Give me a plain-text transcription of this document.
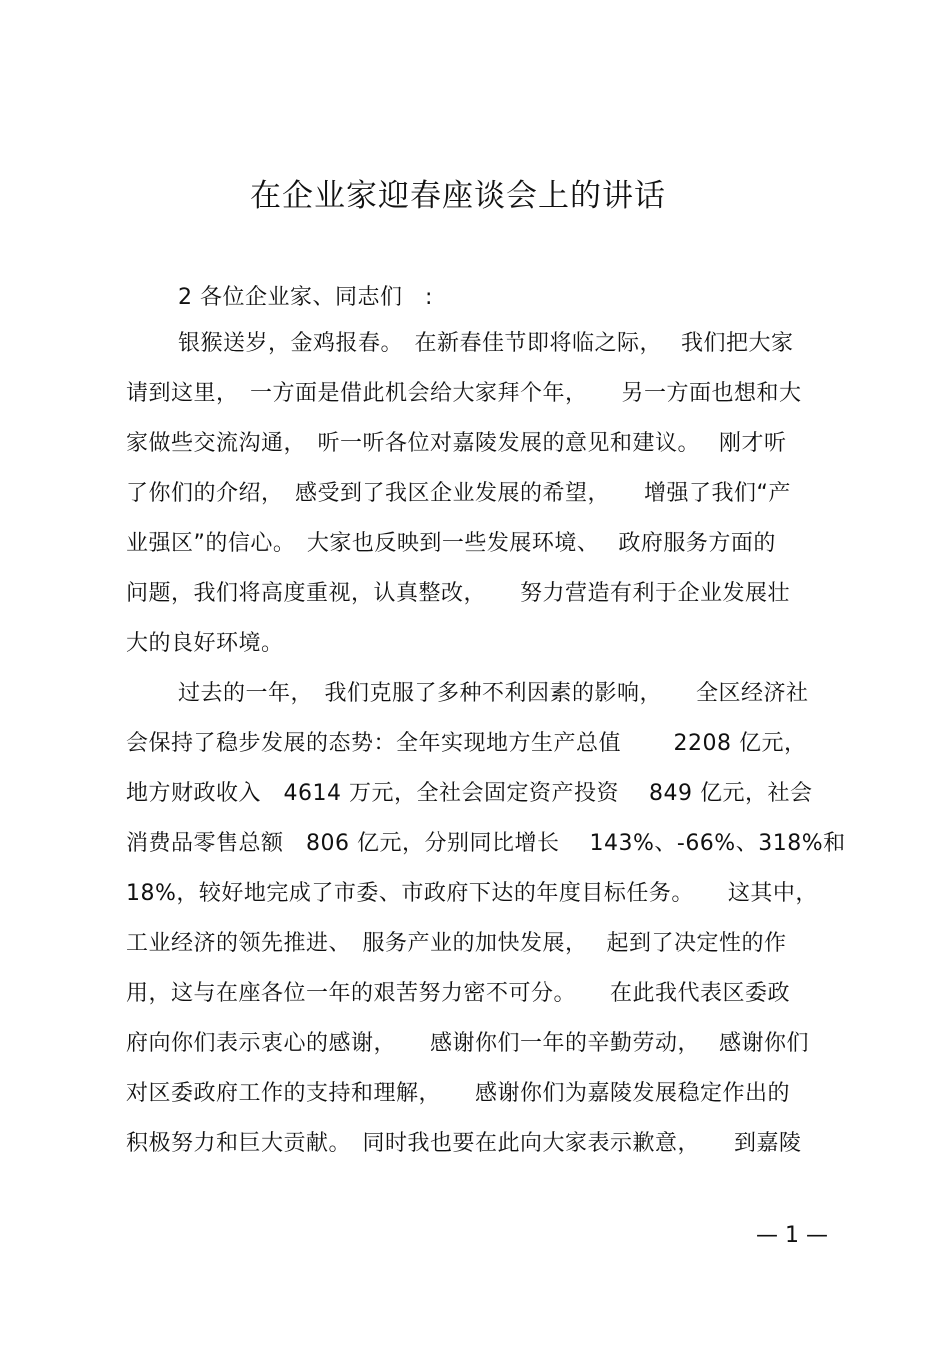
在企业家迎春座谈会上的讲话
2 各位企业家、同志们　:
银猴送岁，金鸡报春。　在新春佳节即将临之际，　 我们把大家
请到这里，　一方面是借此机会给大家拜个年，　　另一方面也想和大
家做些交流沟通，　听一听各位对嘉陵发展的意见和建议。　 刚才听
了你们的介绍，　感受到了我区企业发展的希望，　　增强了我们“产
业强区”的信心。　大家也反映到一些发展环境、　 政府服务方面的
问题，我们将高度重视，认真整改，　　努力营造有利于企业发展壮
大的良好环境。
过去的一年，　我们克服了多种不利因素的影响，　　全区经济社
会保持了稳步发展的态势：全年实现地方生产总值　　 2208 亿元，
地方财政收入　4614 万元，全社会固定资产投资　 849 亿元，社会
消费品零售总额　806 亿元，分别同比增长　 143%、-66%、318%和
18%，较好地完成了市委、市政府下达的年度目标任务。　　这其中，
工业经济的领先推进、　服务产业的加快发展，　 起到了决定性的作
用，这与在座各位一年的艰苦努力密不可分。　　在此我代表区委政
府向你们表示衷心的感谢，　　感谢你们一年的辛勤劳动，　 感谢你们
对区委政府工作的支持和理解，　　感谢你们为嘉陵发展稳定作出的
积极努力和巨大贡献。　同时我也要在此向大家表示歉意，　　到嘉陵
— 1 —
